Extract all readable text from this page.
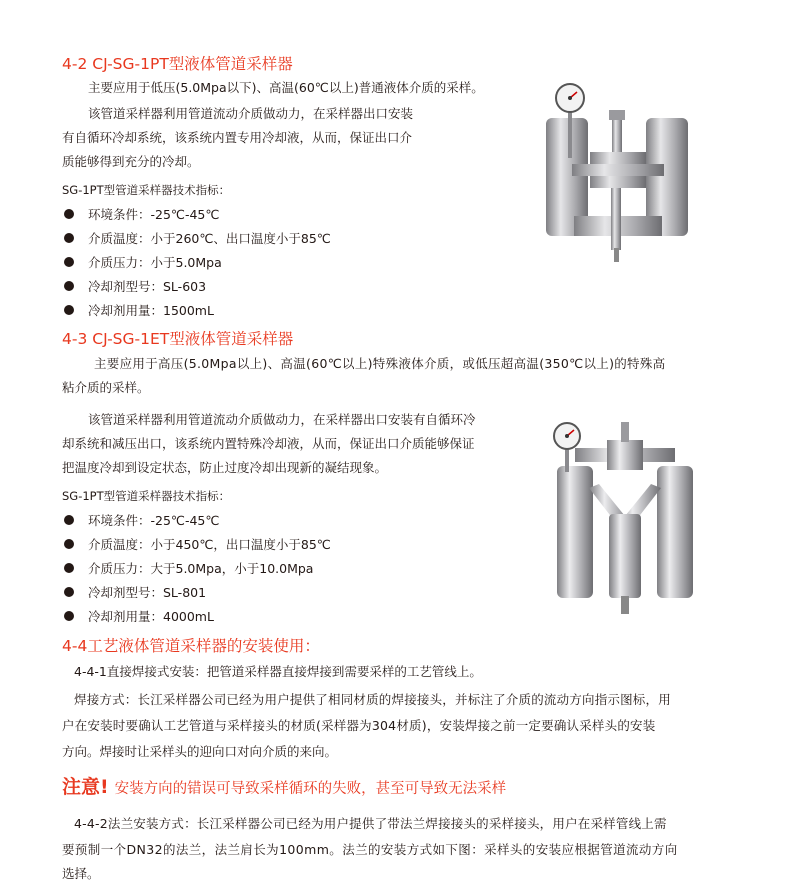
4-2 CJ-SG-1PT型液体管道采样器
主要应用于低压(5.0Mpa以下)、高温(60℃以上)普通液体介质的采样。
该管道采样器利用管道流动介质做动力，在采样器出口安装
有自循环冷却系统，该系统内置专用冷却液，从而，保证出口介
质能够得到充分的冷却。
SG-1PT型管道采样器技术指标：
环境条件：-25℃-45℃
介质温度：小于260℃、出口温度小于85℃
介质压力：小于5.0Mpa
冷却剂型号：SL-603
冷却剂用量：1500mL
4-3 CJ-SG-1ET型液体管道采样器
主要应用于高压(5.0Mpa以上)、高温(60℃以上)特殊液体介质，或低压超高温(350℃以上)的特殊高
粘介质的采样。
该管道采样器利用管道流动介质做动力，在采样器出口安装有自循环冷
却系统和减压出口，该系统内置特殊冷却液，从而，保证出口介质能够保证
把温度冷却到设定状态，防止过度冷却出现新的凝结现象。
SG-1PT型管道采样器技术指标：
环境条件：-25℃-45℃
介质温度：小于450℃，出口温度小于85℃
介质压力：大于5.0Mpa，小于10.0Mpa
冷却剂型号：SL-801
冷却剂用量：4000mL
4-4工艺液体管道采样器的安装使用：
4-4-1直接焊接式安装：把管道采样器直接焊接到需要采样的工艺管线上。
焊接方式：长江采样器公司已经为用户提供了相同材质的焊接接头，并标注了介质的流动方向指示图标，用
户在安装时要确认工艺管道与采样接头的材质(采样器为304材质)，安装焊接之前一定要确认采样头的安装
方向。焊接时让采样头的迎向口对向介质的来向。
注意! 安装方向的错误可导致采样循环的失败，甚至可导致无法采样
4-4-2法兰安装方式：长江采样器公司已经为用户提供了带法兰焊接接头的采样接头，用户在采样管线上需
要预制一个DN32的法兰，法兰肩长为100mm。法兰的安装方式如下图：采样头的安装应根据管道流动方向
选择。
